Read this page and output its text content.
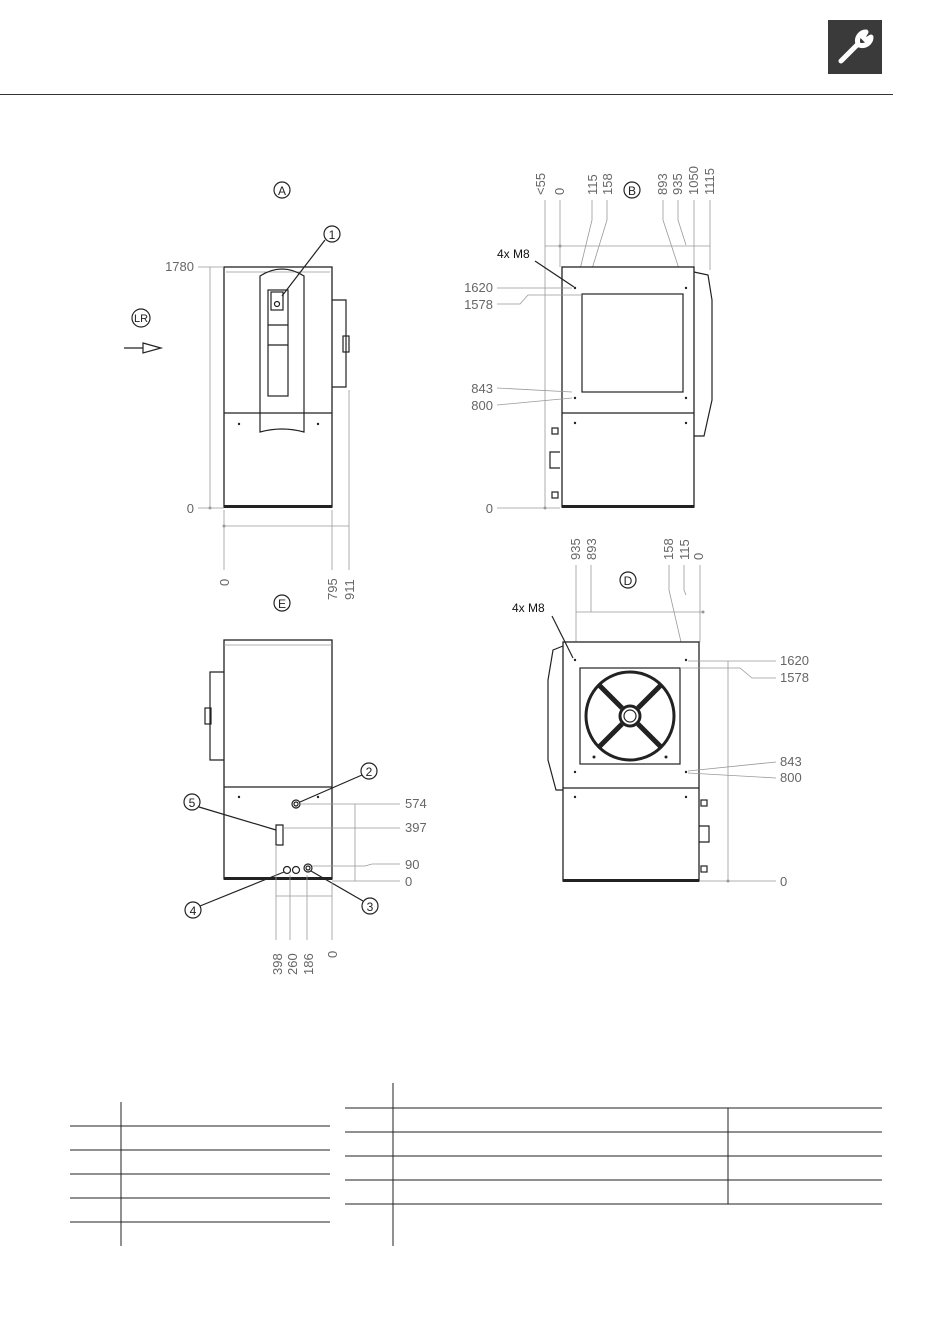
A
LR
1
1780
0
0	795 911
B
<55 0 115 158	893 935 1050 1115
4x M8
1620
1578
843
800
0
D
935 893	158 115 0
4x M8
1620
1578
843
800
0
E
2
3
4
5	574
397
90
0
398 260 186 0
